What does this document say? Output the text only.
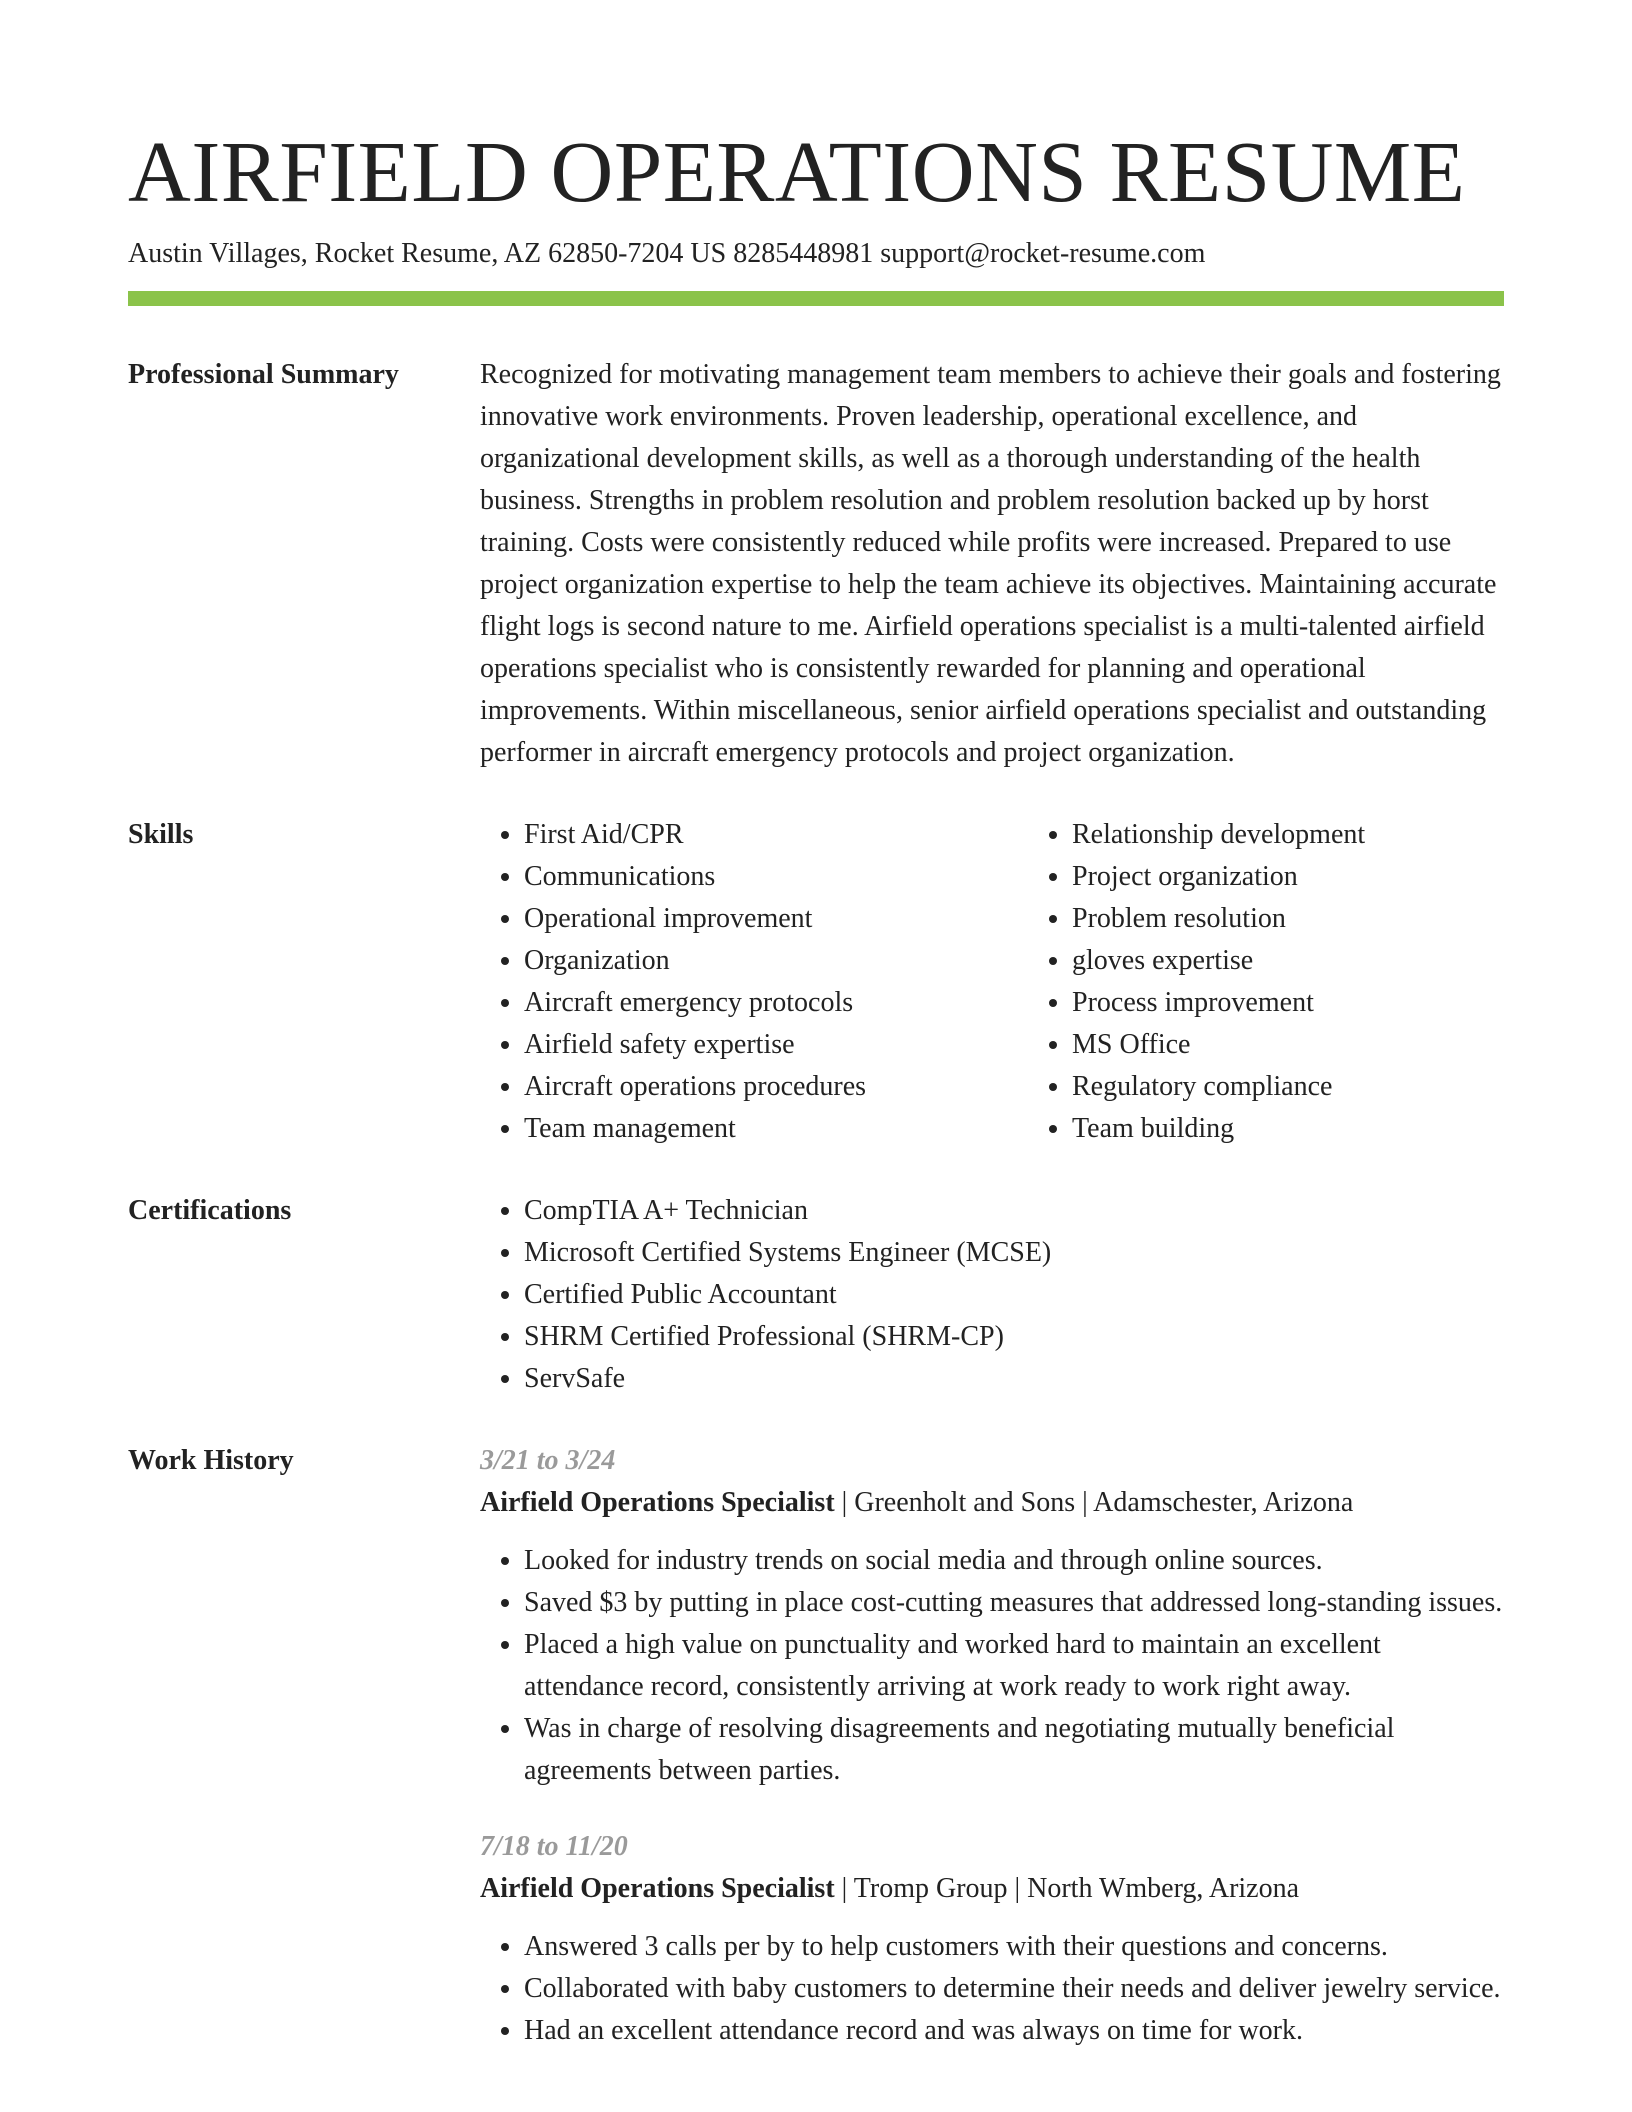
AIRFIELD OPERATIONS RESUME
Austin Villages, Rocket Resume, AZ 62850-7204 US 8285448981 support@rocket-resume.com
Professional Summary	Recognized for motivating management team members to achieve their goals and fostering innovative work environments. Proven leadership, operational excellence, and organizational development skills, as well as a thorough understanding of the health business. Strengths in problem resolution and problem resolution backed up by horst training. Costs were consistently reduced while profits were increased. Prepared to use project organization expertise to help the team achieve its objectives. Maintaining accurate flight logs is second nature to me. Airfield operations specialist is a multi-talented airfield operations specialist who is consistently rewarded for planning and operational improvements. Within miscellaneous, senior airfield operations specialist and outstanding performer in aircraft emergency protocols and project organization.

Skills	• First Aid/CPR
• Communications
• Operational improvement
• Organization
• Aircraft emergency protocols
• Airfield safety expertise
• Aircraft operations procedures
• Team management
• Relationship development
• Project organization
• Problem resolution
• gloves expertise
• Process improvement
• MS Office
• Regulatory compliance
• Team building
Certifications	• CompTIA A+ Technician
• Microsoft Certified Systems Engineer (MCSE)
• Certified Public Accountant
• SHRM Certified Professional (SHRM-CP)
• ServSafe
Work History	3/21 to 3/24
Airfield Operations Specialist | Greenholt and Sons | Adamschester, Arizona
• Looked for industry trends on social media and through online sources.
• Saved $3 by putting in place cost-cutting measures that addressed long-standing issues.
• Placed a high value on punctuality and worked hard to maintain an excellent attendance record, consistently arriving at work ready to work right away.
• Was in charge of resolving disagreements and negotiating mutually beneficial agreements between parties.
7/18 to 11/20
Airfield Operations Specialist | Tromp Group | North Wmberg, Arizona
• Answered 3 calls per by to help customers with their questions and concerns.
• Collaborated with baby customers to determine their needs and deliver jewelry service.
• Had an excellent attendance record and was always on time for work.
